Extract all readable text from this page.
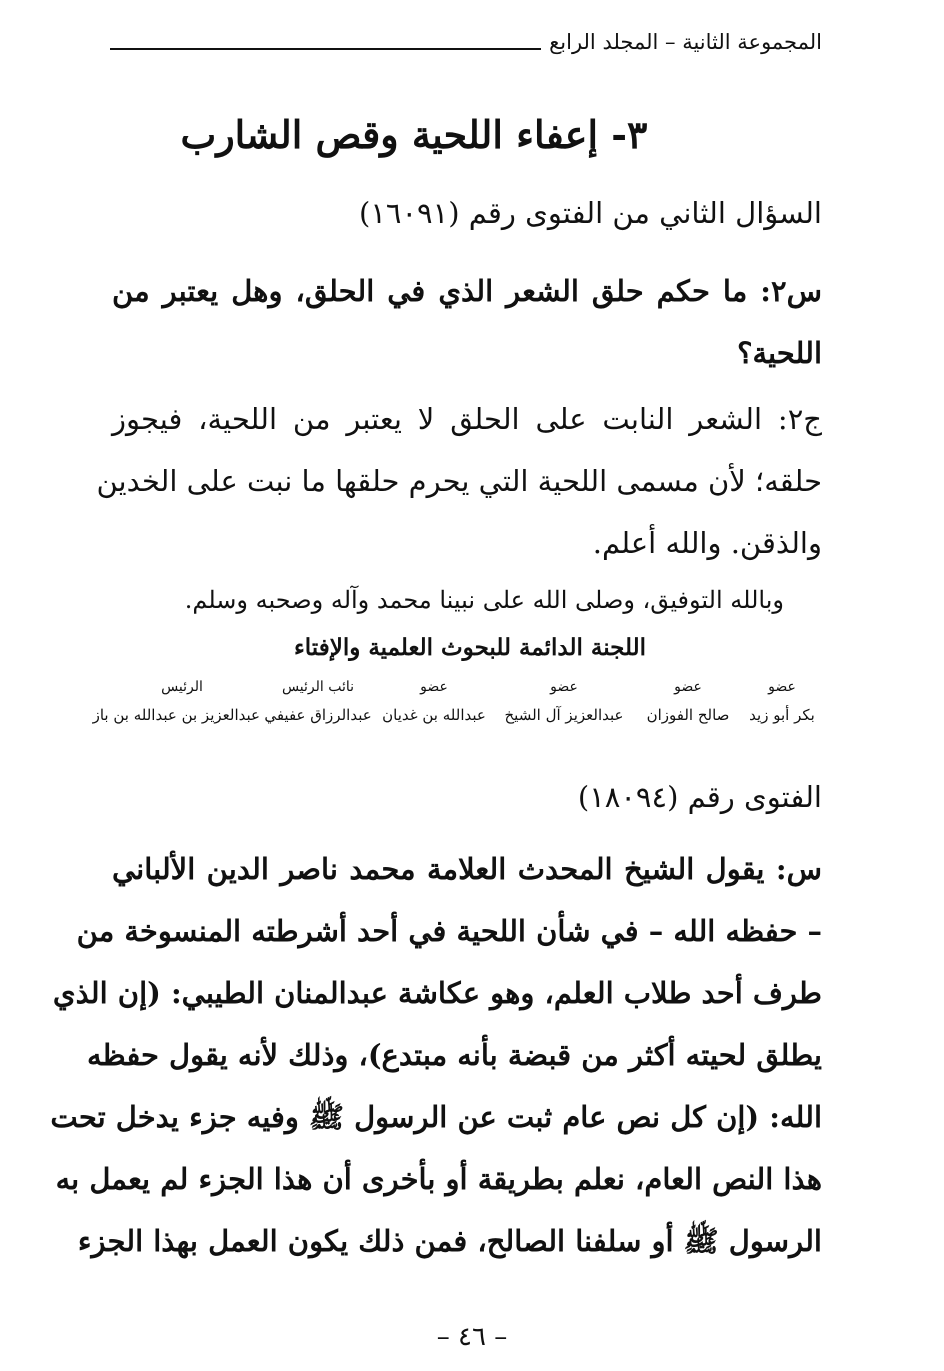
المجموعة الثانية – المجلد الرابع
٣- إعفاء اللحية وقص الشارب
السؤال الثاني من الفتوى رقم (١٦٠٩١)
س٢: ما حكم حلق الشعر الذي في الحلق، وهل يعتبر من
اللحية؟
ج٢: الشعر النابت على الحلق لا يعتبر من اللحية، فيجوز
حلقه؛ لأن مسمى اللحية التي يحرم حلقها ما نبت على الخدين
والذقن. والله أعلم.
وبالله التوفيق، وصلى الله على نبينا محمد وآله وصحبه وسلم.
اللجنة الدائمة للبحوث العلمية والإفتاء
عضو
بكر أبو زيد
عضو
صالح الفوزان
عضو
عبدالعزيز آل الشيخ
عضو
عبدالله بن غديان
نائب الرئيس
عبدالرزاق عفيفي
الرئيس
عبدالعزيز بن عبدالله بن باز
الفتوى رقم (١٨٠٩٤)
س: يقول الشيخ المحدث العلامة محمد ناصر الدين الألباني
– حفظه الله – في شأن اللحية في أحد أشرطته المنسوخة من
طرف أحد طلاب العلم، وهو عكاشة عبدالمنان الطيبي: (إن الذي
يطلق لحيته أكثر من قبضة بأنه مبتدع)، وذلك لأنه يقول حفظه
الله: (إن كل نص عام ثبت عن الرسول ﷺ وفيه جزء يدخل تحت
هذا النص العام، نعلم بطريقة أو بأخرى أن هذا الجزء لم يعمل به
الرسول ﷺ أو سلفنا الصالح، فمن ذلك يكون العمل بهذا الجزء
– ٤٦ –
